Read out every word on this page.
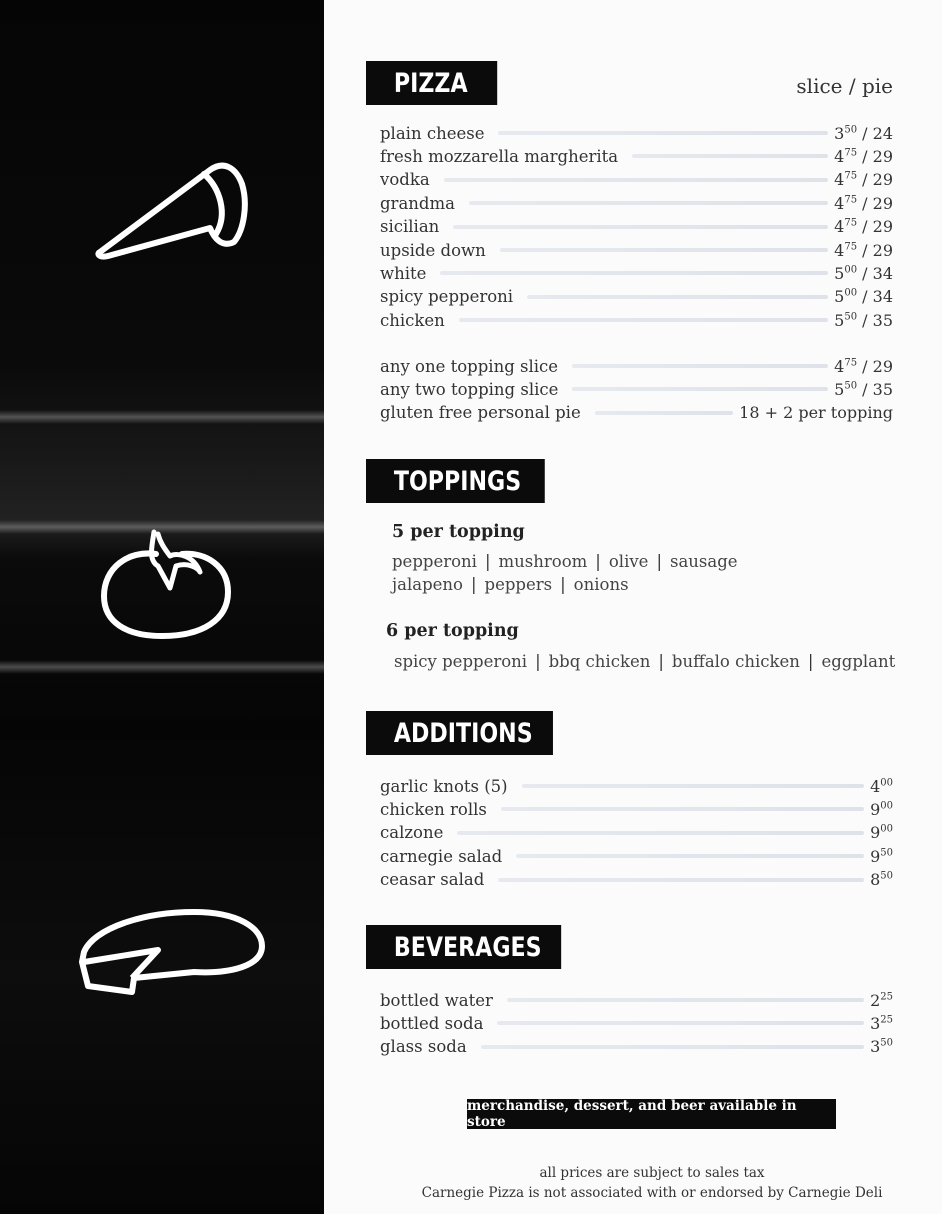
PIZZA	slice / pie
plain cheese	$3^{50} / 24$
fresh mozzarella margherita	$4^{75} / 29$
vodka	$4^{75} / 29$
grandma	$4^{75} / 29$
sicilian	$4^{75} / 29$
upside down	$4^{75} / 29$
white	$5^{00} / 34$
spicy pepperoni	$5^{00} / 34$
chicken	$5^{50} / 35$
any one topping slice	$4^{75} / 29$
any two topping slice	$5^{50} / 35$
gluten free personal pie	18 + 2 per topping
TOPPINGS
5 per topping
pepperoni | mushroom | olive | sausage
jalapeno | peppers | onions
6 per topping
spicy pepperoni | bbq chicken | buffalo chicken | eggplant
ADDITIONS
garlic knots (5)	$4^{00}$
chicken rolls	$9^{00}$
calzone	$9^{00}$
carnegie salad	$9^{50}$
ceasar salad	$8^{50}$
BEVERAGES
bottled water	$2^{25}$
bottled soda	$3^{25}$
glass soda	$3^{50}$
merchandise, dessert, and beer available in store
all prices are subject to sales tax
Carnegie Pizza is not associated with or endorsed by Carnegie Deli
